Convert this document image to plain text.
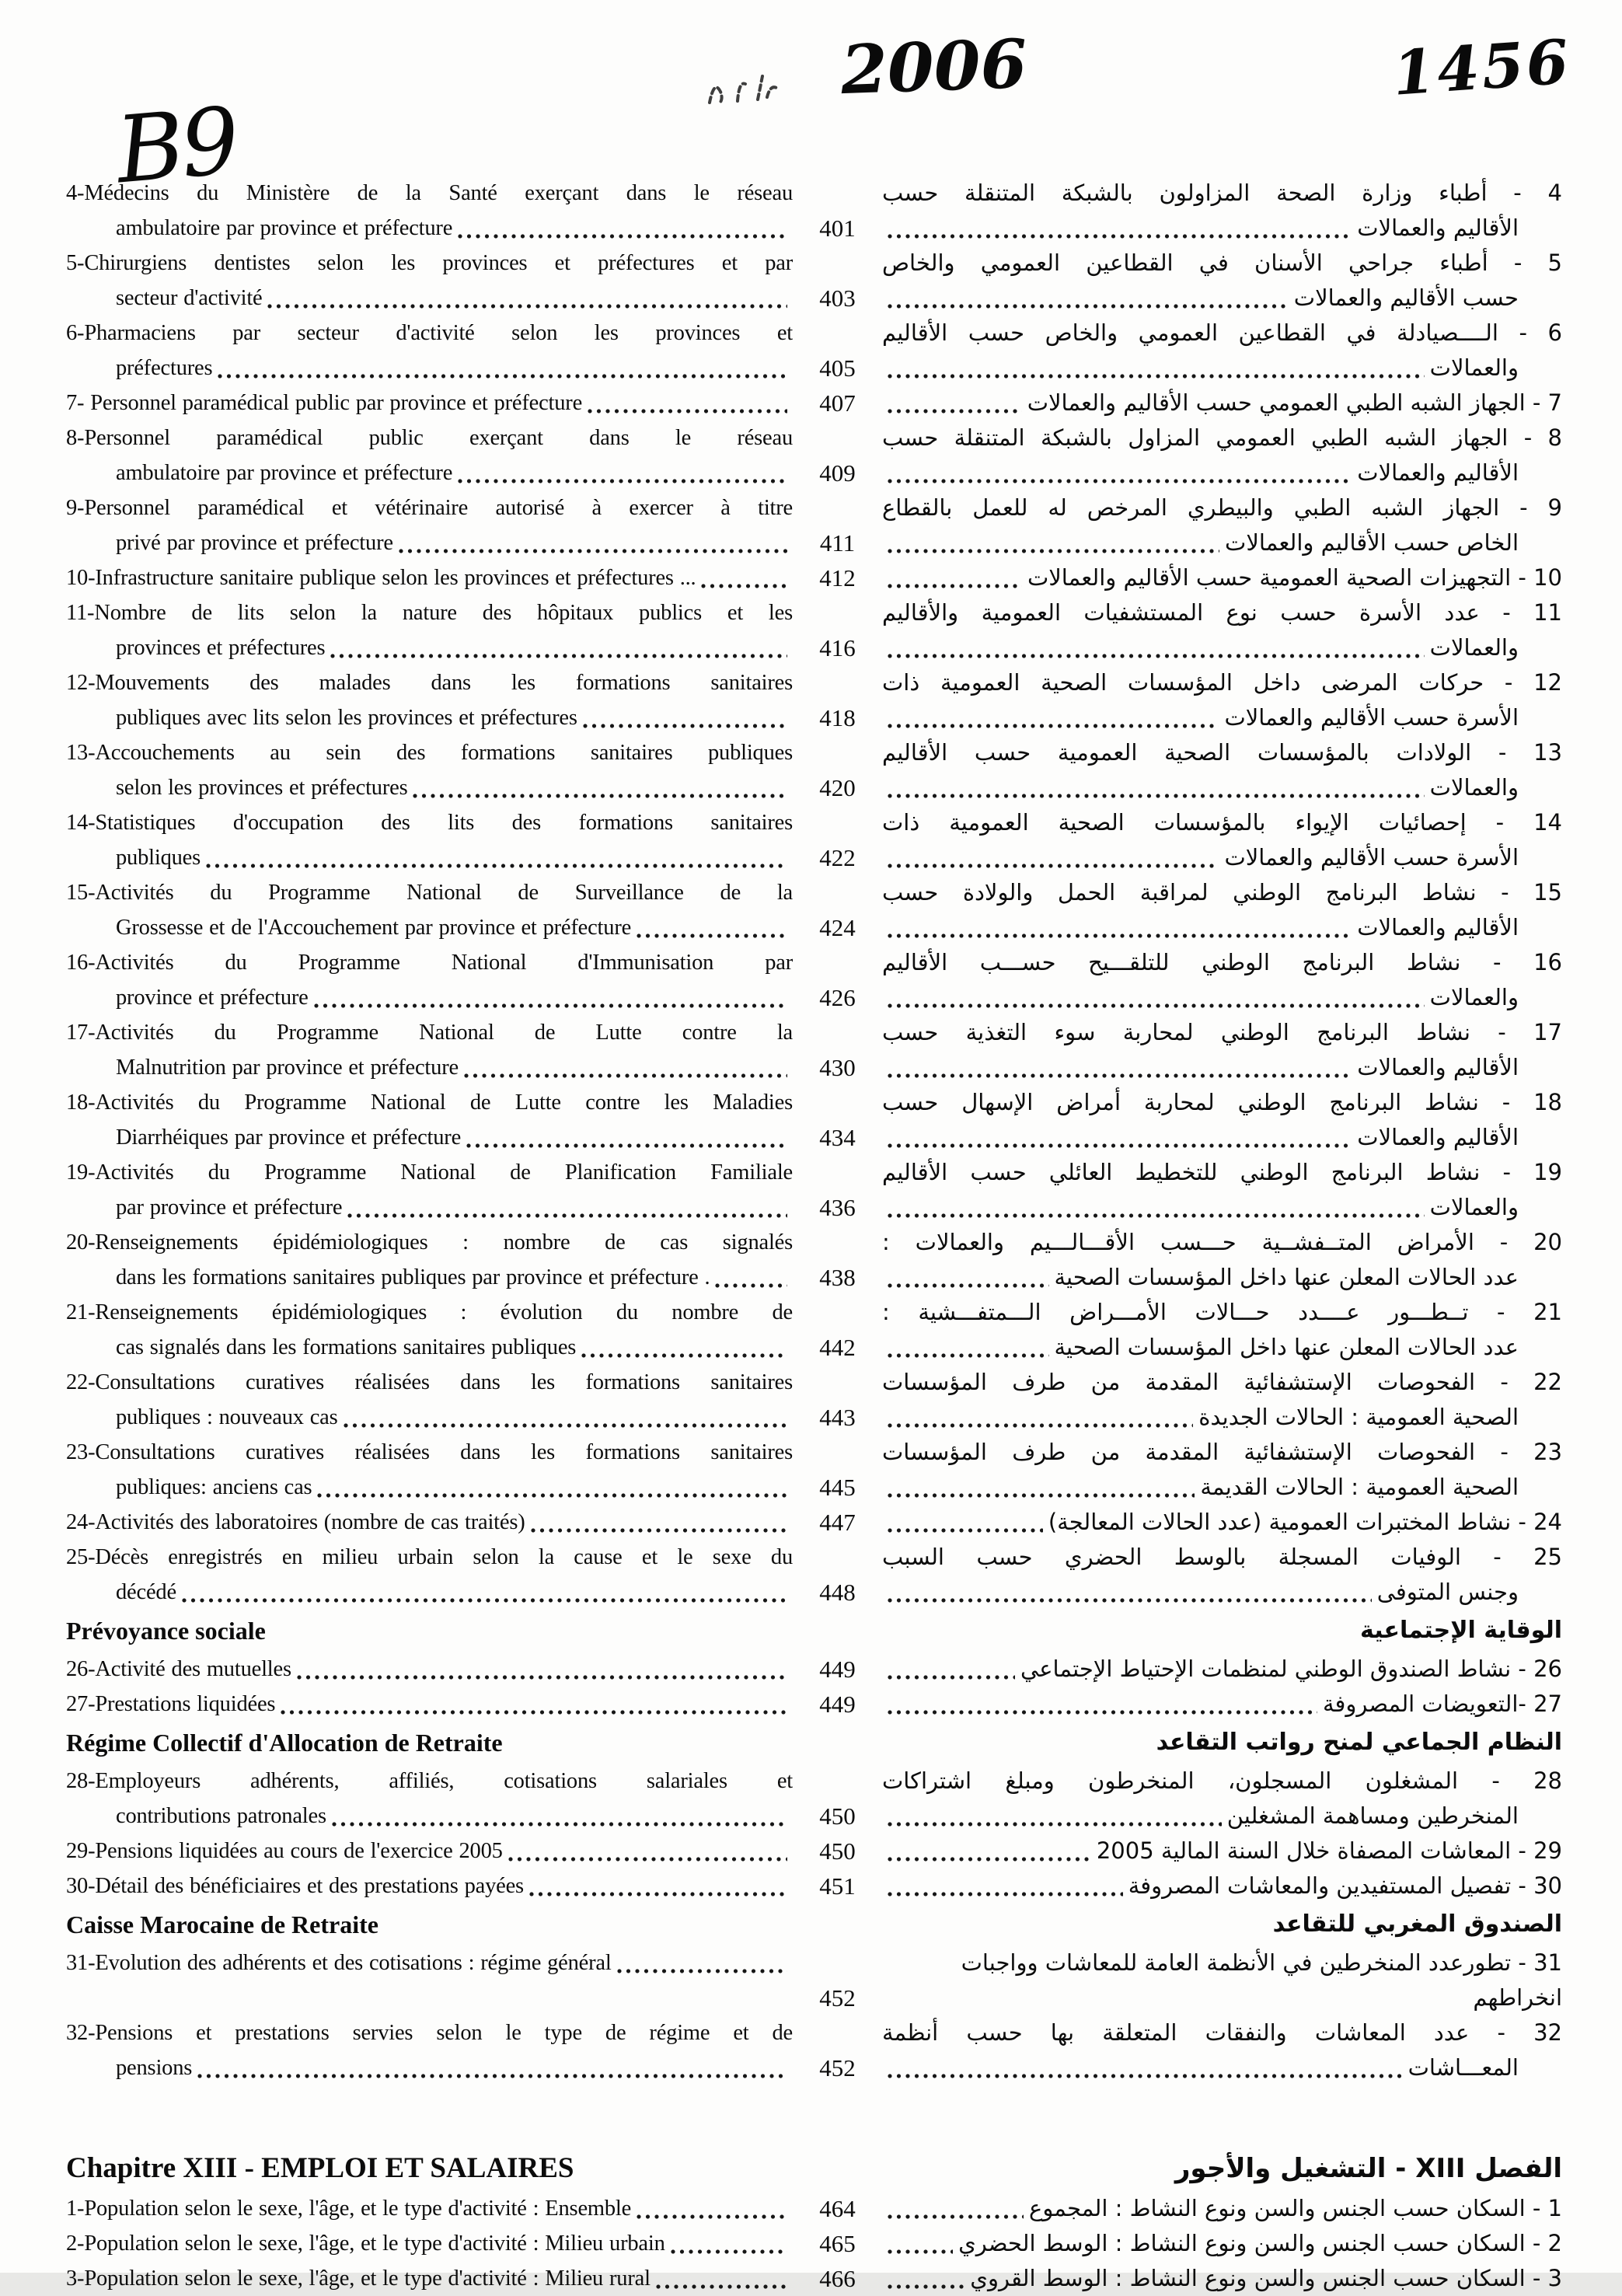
B9
2006	1456
4-Médecins du Ministère de la Santé exerçant dans le réseau
ambulatoire par province et préfecture	401
4 - أطباء وزارة الصحة المزاولون بالشبكة المتنقلة حسب
الأقاليم والعمالات
5-Chirurgiens dentistes selon les provinces et préfectures et par
secteur d'activité	403
5 - أطباء جراحي الأسنان في القطاعين العمومي والخاص
حسب الأقاليم والعمالات
6-Pharmaciens par secteur d'activité selon les provinces et
préfectures	405
6 - الــــصيادلة في القطاعين العمومي والخاص حسب الأقاليم
والعمالات
7- Personnel paramédical public par province et préfecture	407	7 - الجهاز الشبه الطبي العمومي حسب الأقاليم والعمالات
8-Personnel paramédical public exerçant dans le réseau
ambulatoire par province et préfecture	409
8 - الجهاز الشبه الطبي العمومي المزاول بالشبكة المتنقلة حسب
الأقاليم والعمالات
9-Personnel paramédical et vétérinaire autorisé à exercer à titre
privé par province et préfecture	411
9 - الجهاز الشبه الطبي والبيطري المرخص له للعمل بالقطاع
الخاص حسب الأقاليم والعمالات
10-Infrastructure sanitaire publique selon les provinces et préfectures ...	412	10 - التجهيزات الصحية العمومية حسب الأقاليم والعمالات
11-Nombre de lits selon la nature des hôpitaux publics et les
provinces et préfectures	416
11 - عدد الأسرة حسب نوع المستشفيات العمومية والأقاليم
والعمالات
12-Mouvements des malades dans les formations sanitaires
publiques avec lits selon les provinces et préfectures	418
12 - حركات المرضى داخل المؤسسات الصحية العمومية ذات
الأسرة حسب الأقاليم والعمالات
13-Accouchements au sein des formations sanitaires publiques
selon les provinces et préfectures	420
13 - الولادات بالمؤسسات الصحية العمومية حسب الأقاليم
والعمالات
14-Statistiques d'occupation des lits des formations sanitaires
publiques	422
14 - إحصائيات الإيواء بالمؤسسات الصحية العمومية ذات
الأسرة حسب الأقاليم والعمالات
15-Activités du Programme National de Surveillance de la
Grossesse et de l'Accouchement par province et préfecture	424
15 - نشاط البرنامج الوطني لمراقبة الحمل والولادة حسب
الأقاليم والعمالات
16-Activités du Programme National d'Immunisation par
province et préfecture	426
16 - نشاط البرنامج الوطني للتلقـــيح حســـب الأقاليم
والعمالات
17-Activités du Programme National de Lutte contre la
Malnutrition par province et préfecture	430
17 - نشاط البرنامج الوطني لمحاربة سوء التغذية حسب
الأقاليم والعمالات
18-Activités du Programme National de Lutte contre les Maladies
Diarrhéiques par province et préfecture	434
18 - نشاط البرنامج الوطني لمحاربة أمراض الإسهال حسب
الأقاليم والعمالات
19-Activités du Programme National de Planification Familiale
par province et préfecture	436
19 - نشاط البرنامج الوطني للتخطيط العائلي حسب الأقاليم
والعمالات
20-Renseignements épidémiologiques : nombre de cas signalés
dans les formations sanitaires publiques par province et préfecture .	438
20 - الأمراض المتــفشــية حـــسب الأقـــالـــيم والعمالات :
عدد الحالات المعلن عنها داخل المؤسسات الصحية
21-Renseignements épidémiologiques : évolution du nombre de
cas signalés dans les formations sanitaires publiques	442
21 - تــطـــور عــــدد حـــالات الأمـــراض الـــمتفـــشية :
عدد الحالات المعلن عنها داخل المؤسسات الصحية
22-Consultations curatives réalisées dans les formations sanitaires
publiques : nouveaux cas	443
22 - الفحوصات الإستشفائية المقدمة من طرف المؤسسات
الصحية العمومية : الحالات الجديدة
23-Consultations curatives réalisées dans les formations sanitaires
publiques: anciens cas	445
23 - الفحوصات الإستشفائية المقدمة من طرف المؤسسات
الصحية العمومية : الحالات القديمة
24-Activités des laboratoires (nombre de cas traités)	447	24 - نشاط المختبرات العمومية (عدد الحالات المعالجة)
25-Décès enregistrés en milieu urbain selon la cause et le sexe du
décédé	448
25 - الوفيات المسجلة بالوسط الحضري حسب السبب
وجنس المتوفى
Prévoyance sociale	الوقاية الإجتماعية
26-Activité des mutuelles	449	26 - نشاط الصندوق الوطني لمنظمات الإحتياط الإجتماعي
27-Prestations liquidées	449	27 -التعويضات المصروفة
Régime Collectif d'Allocation de Retraite	النظام الجماعي لمنح رواتب التقاعد
28-Employeurs adhérents, affiliés, cotisations salariales et
contributions patronales	450
28 - المشغلون المسجلون، المنخرطون ومبلغ اشتراكات
المنخرطين ومساهمة المشغلين
29-Pensions liquidées au cours de l'exercice 2005	450	29 - المعاشات المصفاة خلال السنة المالية 2005
30-Détail des bénéficiaires et des prestations payées	451	30 - تفصيل المستفيدين والمعاشات المصروفة
Caisse Marocaine de Retraite	الصندوق المغربي للتقاعد
31-Evolution des adhérents et des cotisations : régime général
452
31 - تطورعدد المنخرطين في الأنظمة العامة للمعاشات وواجبات انخراطهم
32-Pensions et prestations servies selon le type de régime et de
pensions	452
32 - عدد المعاشات والنفقات المتعلقة بها حسب أنظمة
المعـــاشات
Chapitre XIII - EMPLOI ET SALAIRES	الفصل XIII - التشغيل والأجور
1-Population selon le sexe, l'âge, et le type d'activité : Ensemble	464	1 - السكان حسب الجنس والسن ونوع النشاط : المجموع
2-Population selon le sexe, l'âge, et le type d'activité : Milieu urbain	465	2 - السكان حسب الجنس والسن ونوع النشاط : الوسط الحضري
3-Population selon le sexe, l'âge, et le type d'activité : Milieu rural	466	3 - السكان حسب الجنس والسن ونوع النشاط : الوسط القروي
